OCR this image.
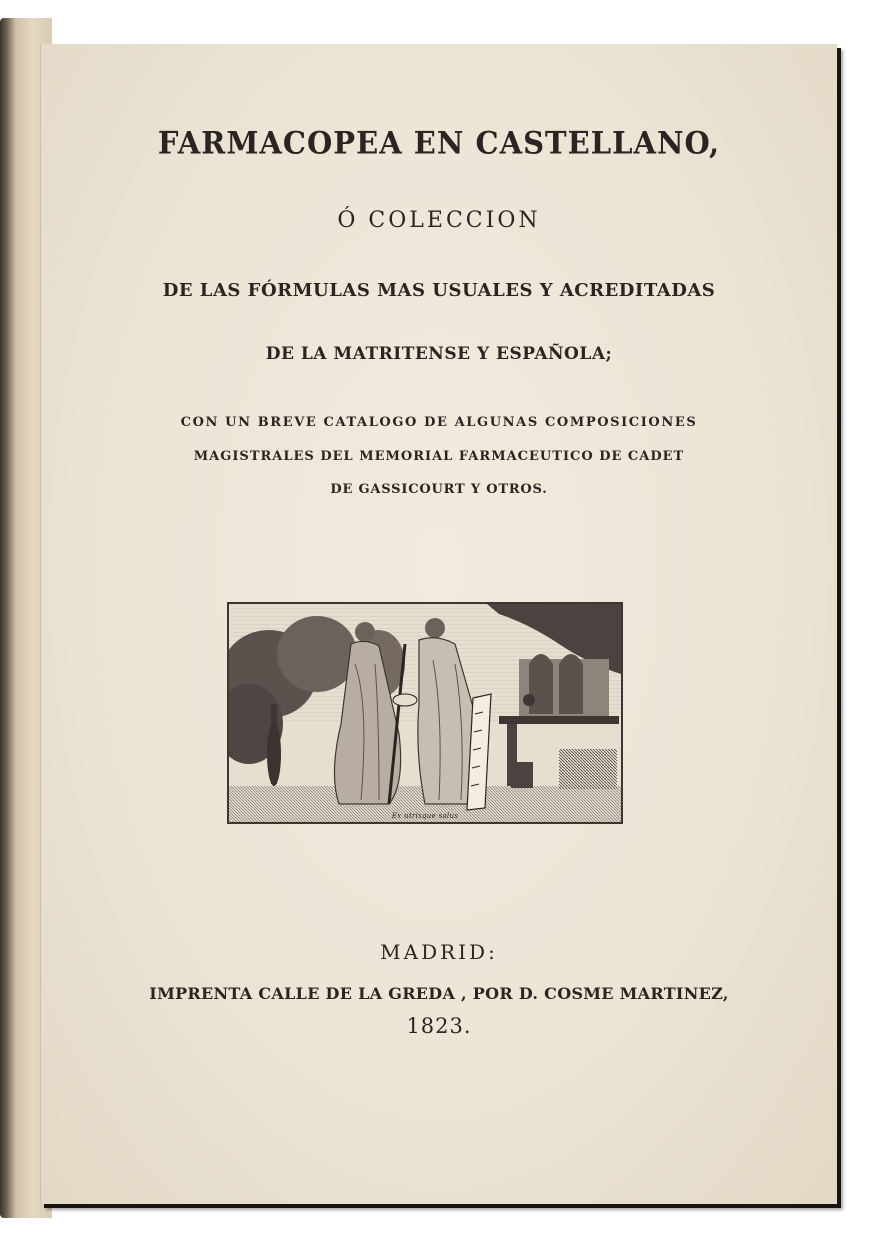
FARMACOPEA EN CASTELLANO,

Ó COLECCION

DE LAS FÓRMULAS MAS USUALES Y ACREDITADAS

DE LA MATRITENSE Y ESPAÑOLA;

CON UN BREVE CATALOGO DE ALGUNAS COMPOSICIONES

MAGISTRALES DEL MEMORIAL FARMACEUTICO DE CADET

DE GASSICOURT Y OTROS.

Ex utrisque salus

MADRID:

IMPRENTA CALLE DE LA GREDA , POR D. COSME MARTINEZ,

1823.
